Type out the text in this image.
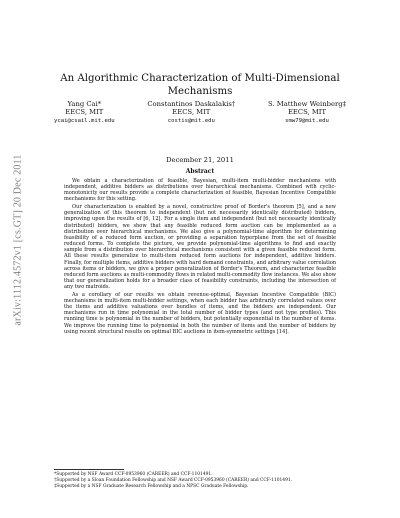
arXiv:1112.4572v1 [cs.GT] 20 Dec 2011
An Algorithmic Characterization of Multi-Dimensional Mechanisms
Yang Cai*
EECS, MIT
ycai@csail.mit.edu
Constantinos Daskalakis†
EECS, MIT
costis@mit.edu
S. Matthew Weinberg‡
EECS, MIT
smw79@mit.edu
December 21, 2011
Abstract

We obtain a characterization of feasible, Bayesian, multi-item multi-bidder mechanisms with independent, additive bidders as distributions over hierarchical mechanisms. Combined with cyclic-monotonicity our results provide a complete characterization of feasible, Bayesian Incentive Compatible mechanisms for this setting.

Our characterization is enabled by a novel, constructive proof of Border's theorem [5], and a new generalization of this theorem to independent (but not necessarily identically distributed) bidders, improving upon the results of [6, 12]. For a single item and independent (but not necessarily identically distributed) bidders, we show that any feasible reduced form auction can be implemented as a distribution over hierarchical mechanisms. We also give a polynomial-time algorithm for determining feasibility of a reduced form auction, or providing a separation hyperplane from the set of feasible reduced forms. To complete the picture, we provide polynomial-time algorithms to find and exactly sample from a distribution over hierarchical mechanisms consistent with a given feasible reduced form. All these results generalize to multi-item reduced form auctions for independent, additive bidders. Finally, for multiple items, additive bidders with hard demand constraints, and arbitrary value correlation across items or bidders, we give a proper generalization of Border's Theorem, and characterize feasible reduced form auctions as multi-commodity flows in related multi-commodity flow instances. We also show that our generalization holds for a broader class of feasibility constraints, including the intersection of any two matroids.

As a corollary of our results we obtain revenue-optimal, Bayesian Incentive Compatible (BIC) mechanisms in multi-item multi-bidder settings, when each bidder has arbitrarily correlated values over the items and additive valuations over bundles of items, and the bidders are independent. Our mechanisms run in time polynomial in the total number of bidder types (and not type profiles). This running time is polynomial in the number of bidders, but potentially exponential in the number of items. We improve the running time to polynomial in both the number of items and the number of bidders by using recent structural results on optimal BIC auctions in item-symmetric settings [14].

*Supported by NSF Award CCF-0953960 (CAREER) and CCF-1101491.

†Supported by a Sloan Foundation Fellowship and NSF Award CCF-0953960 (CAREER) and CCF-1101491.

‡Supported by a NSF Graduate Research Fellowship and a NPSC Graduate Fellowship.
